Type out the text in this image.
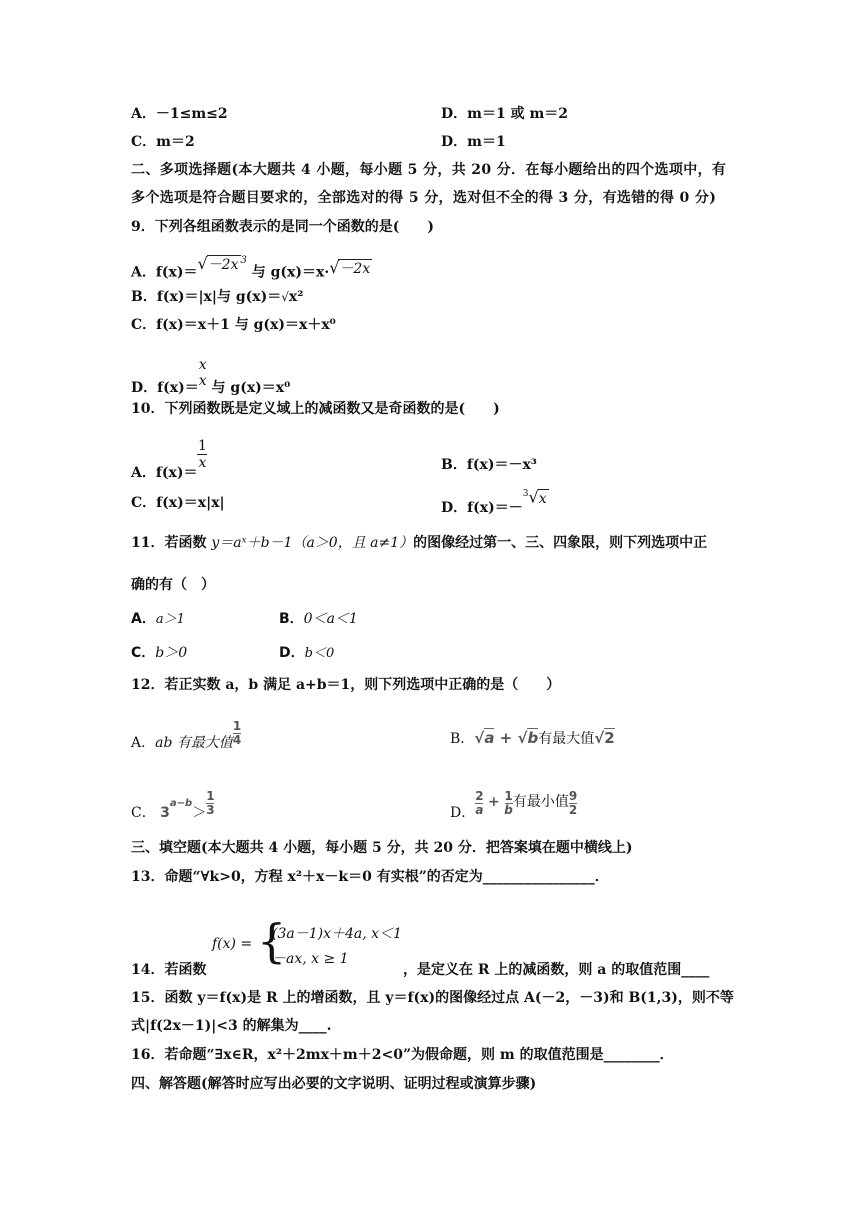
A．－1≤m≤2	D．m＝1 或 m＝2
C．m＝2	D．m＝1
二、多项选择题(本大题共 4 小题，每小题 5 分，共 20 分．在每小题给出的四个选项中，有
多个选项是符合题目要求的，全部选对的得 5 分，选对但不全的得 3 分，有选错的得 0 分)
9．下列各组函数表示的是同一个函数的是(　　)
A．f(x)＝√－2x $^3$ 与 g(x)＝x·√－2x
B．f(x)＝|x|与 g(x)＝√x²
C．f(x)＝x＋1 与 g(x)＝x＋x⁰
D．f(x)＝
x
x 与 g(x)＝x⁰
10．下列函数既是定义域上的减函数又是奇函数的是(　　)
A．f(x)＝
$\frac{1}{x}$	B．f(x)＝－x³
C．f(x)＝x|x|	D．f(x)＝－$^3$√x
11．若函数 y＝aˣ＋b－1（a＞0，且 a≠1）的图像经过第一、三、四象限，则下列选项中正
确的有（　）
A．a＞1	B．0＜a＜1
C．b＞0	D．b＜0
12．若正实数 a，b 满足 a+b＝1，则下列选项中正确的是（　　）
A．ab 有最大值 $\frac{1}{4}$	B．√a + √b有最大值√2
C． $3^{a-b}> \frac{1}{3}$	D． $\frac{2}{a} + \frac{1}{b}$ 有最小值 $\frac{9}{2}$
三、填空题(本大题共 4 小题，每小题 5 分，共 20 分．把答案填在题中横线上)
13．命题“∀k>0，方程 x²＋x－k＝0 有实根”的否定为________________．
f(x) = {
(3a－1)x＋4a, x＜1
－ax, x ≥ 1
14．若函数	，是定义在 R 上的减函数，则 a 的取值范围____
15．函数 y＝f(x)是 R 上的增函数，且 y＝f(x)的图像经过点 A(－2，－3)和 B(1,3)，则不等
式|f(2x－1)|<3 的解集为____.
16．若命题“∃x∈R，x²＋2mx＋m＋2<0”为假命题，则 m 的取值范围是________．
四、解答题(解答时应写出必要的文字说明、证明过程或演算步骤)
